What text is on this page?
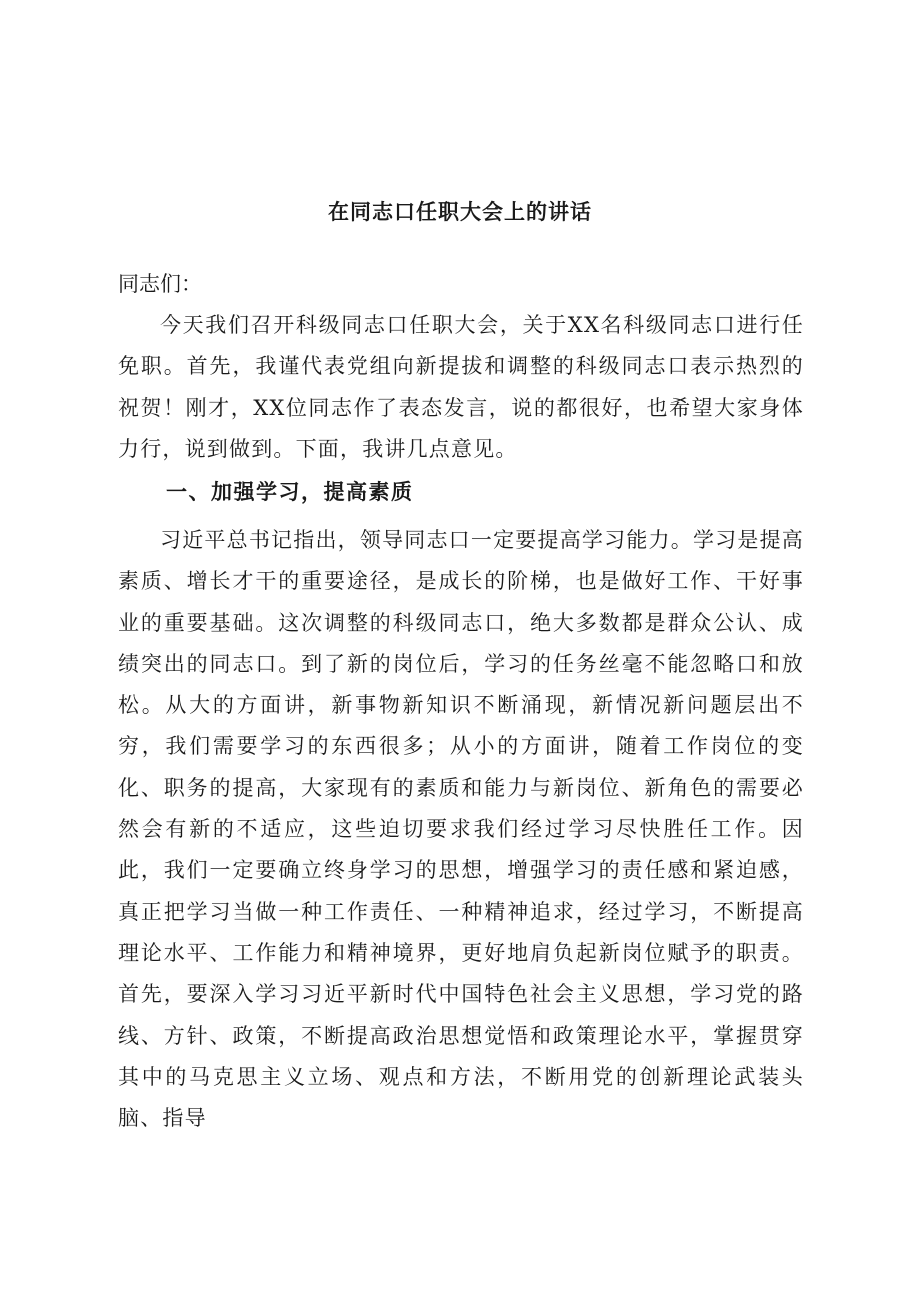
在同志口任职大会上的讲话

同志们：

今天我们召开科级同志口任职大会，关于XX名科级同志口进行任免职。首先，我谨代表党组向新提拔和调整的科级同志口表示热烈的祝贺！刚才，XX位同志作了表态发言，说的都很好，也希望大家身体力行，说到做到。下面，我讲几点意见。

一、加强学习，提高素质

习近平总书记指出，领导同志口一定要提高学习能力。学习是提高素质、增长才干的重要途径，是成长的阶梯，也是做好工作、干好事业的重要基础。这次调整的科级同志口，绝大多数都是群众公认、成绩突出的同志口。到了新的岗位后，学习的任务丝毫不能忽略口和放松。从大的方面讲，新事物新知识不断涌现，新情况新问题层出不穷，我们需要学习的东西很多；从小的方面讲，随着工作岗位的变化、职务的提高，大家现有的素质和能力与新岗位、新角色的需要必然会有新的不适应，这些迫切要求我们经过学习尽快胜任工作。因此，我们一定要确立终身学习的思想，增强学习的责任感和紧迫感，真正把学习当做一种工作责任、一种精神追求，经过学习，不断提高理论水平、工作能力和精神境界，更好地肩负起新岗位赋予的职责。首先，要深入学习习近平新时代中国特色社会主义思想，学习党的路线、方针、政策，不断提高政治思想觉悟和政策理论水平，掌握贯穿其中的马克思主义立场、观点和方法，不断用党的创新理论武装头脑、指导
